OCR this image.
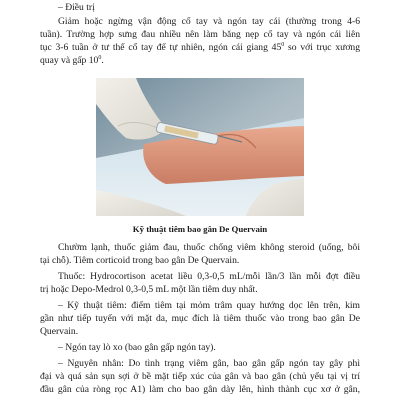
– Điều trị
Giảm hoặc ngừng vận động cổ tay và ngón tay cái (thường trong 4-6
tuần). Trường hợp sưng đau nhiều nên làm băng nẹp cổ tay và ngón cái liên
tục 3-6 tuần ở tư thế cổ tay để tự nhiên, ngón cái giang $45^0$ so với trục xương
quay và gấp $10^0$.
Kỹ thuật tiêm bao gân De Quervain
Chườm lạnh, thuốc giảm đau, thuốc chống viêm không steroid (uống, bôi
tại chỗ). Tiêm corticoid trong bao gân De Quervain.
Thuốc: Hydrocortison acetat liều 0,3-0,5 mL/mỗi lần/3 lần mỗi đợt điều
trị hoặc Depo-Medrol 0,3-0,5 mL một lần tiêm duy nhất.
– Kỹ thuật tiêm: điểm tiêm tại mỏm trâm quay hướng dọc lên trên, kim
gần như tiếp tuyến với mặt da, mục đích là tiêm thuốc vào trong bao gân De
Quervain.
– Ngón tay lò xo (bao gân gấp ngón tay).
– Nguyên nhân: Do tình trạng viêm gân, bao gân gấp ngón tay gây phì
đại và quá sản sụn sợi ở bề mặt tiếp xúc của gân và bao gân (chủ yếu tại vị trí
đầu gân của ròng rọc A1) làm cho bao gân dày lên, hình thành cục xơ ở gân,
